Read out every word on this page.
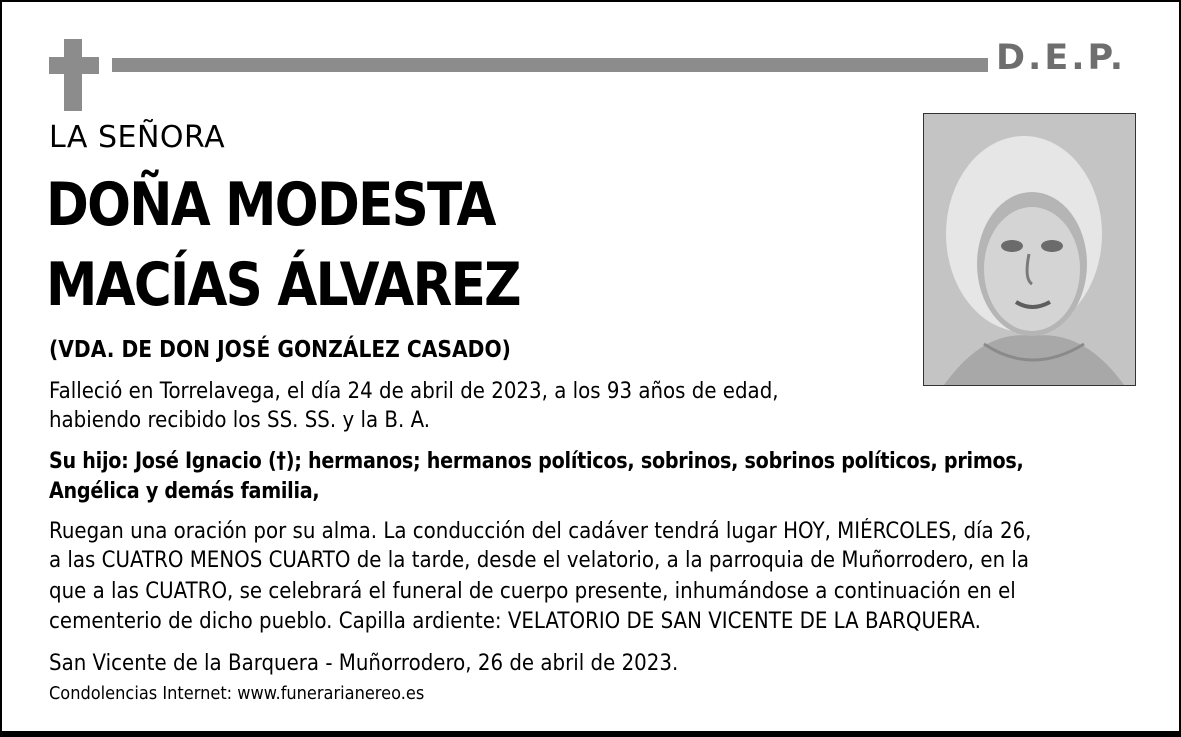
D.E.P.
LA SEÑORA
DOÑA MODESTA
MACÍAS ÁLVAREZ
(VDA. DE DON JOSÉ GONZÁLEZ CASADO)
Falleció en Torrelavega, el día 24 de abril de 2023, a los 93 años de edad,
habiendo recibido los SS. SS. y la B. A.
Su hijo: José Ignacio (†); hermanos; hermanos políticos, sobrinos, sobrinos políticos, primos,
Angélica y demás familia,
Ruegan una oración por su alma. La conducción del cadáver tendrá lugar HOY, MIÉRCOLES, día 26,
a las CUATRO MENOS CUARTO de la tarde, desde el velatorio, a la parroquia de Muñorrodero, en la
que a las CUATRO, se celebrará el funeral de cuerpo presente, inhumándose a continuación en el
cementerio de dicho pueblo. Capilla ardiente: VELATORIO DE SAN VICENTE DE LA BARQUERA.
San Vicente de la Barquera - Muñorrodero, 26 de abril de 2023.
Condolencias Internet: www.funerarianereo.es
